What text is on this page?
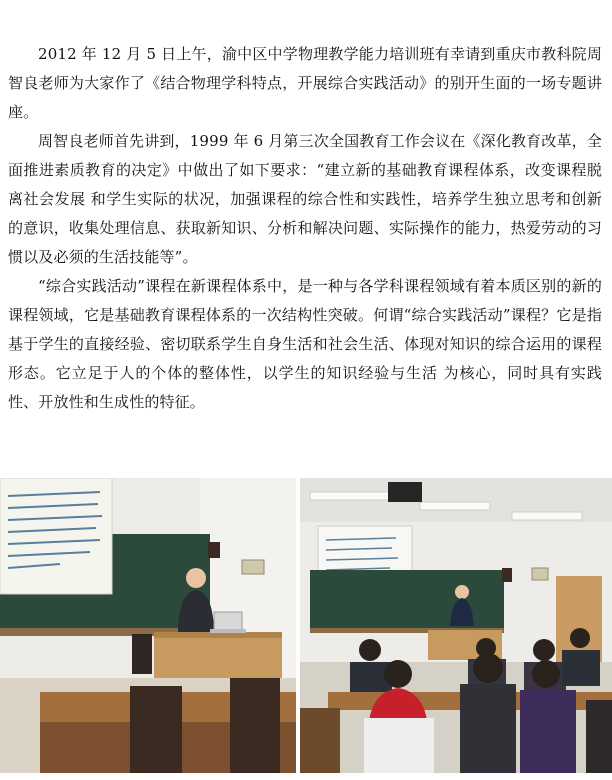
2012 年 12 月 5 日上午，渝中区中学物理教学能力培训班有幸请到重庆市教科院周智良老师为大家作了《结合物理学科特点，开展综合实践活动》的别开生面的一场专题讲座。

周智良老师首先讲到，1999 年 6 月第三次全国教育工作会议在《深化教育改革，全面推进素质教育的决定》中做出了如下要求：“建立新的基础教育课程体系，改变课程脱离社会发展 和学生实际的状况，加强课程的综合性和实践性，培养学生独立思考和创新的意识，收集处理信息、获取新知识、分析和解决问题、实际操作的能力，热爱劳动的习 惯以及必须的生活技能等”。

“综合实践活动”课程在新课程体系中，是一种与各学科课程领域有着本质区别的新的课程领域，它是基础教育课程体系的一次结构性突破。何谓“综合实践活动”课程？它是指基于学生的直接经验、密切联系学生自身生活和社会生活、体现对知识的综合运用的课程形态。它立足于人的个体的整体性，以学生的知识经验与生活 为核心，同时具有实践性、开放性和生成性的特征。
